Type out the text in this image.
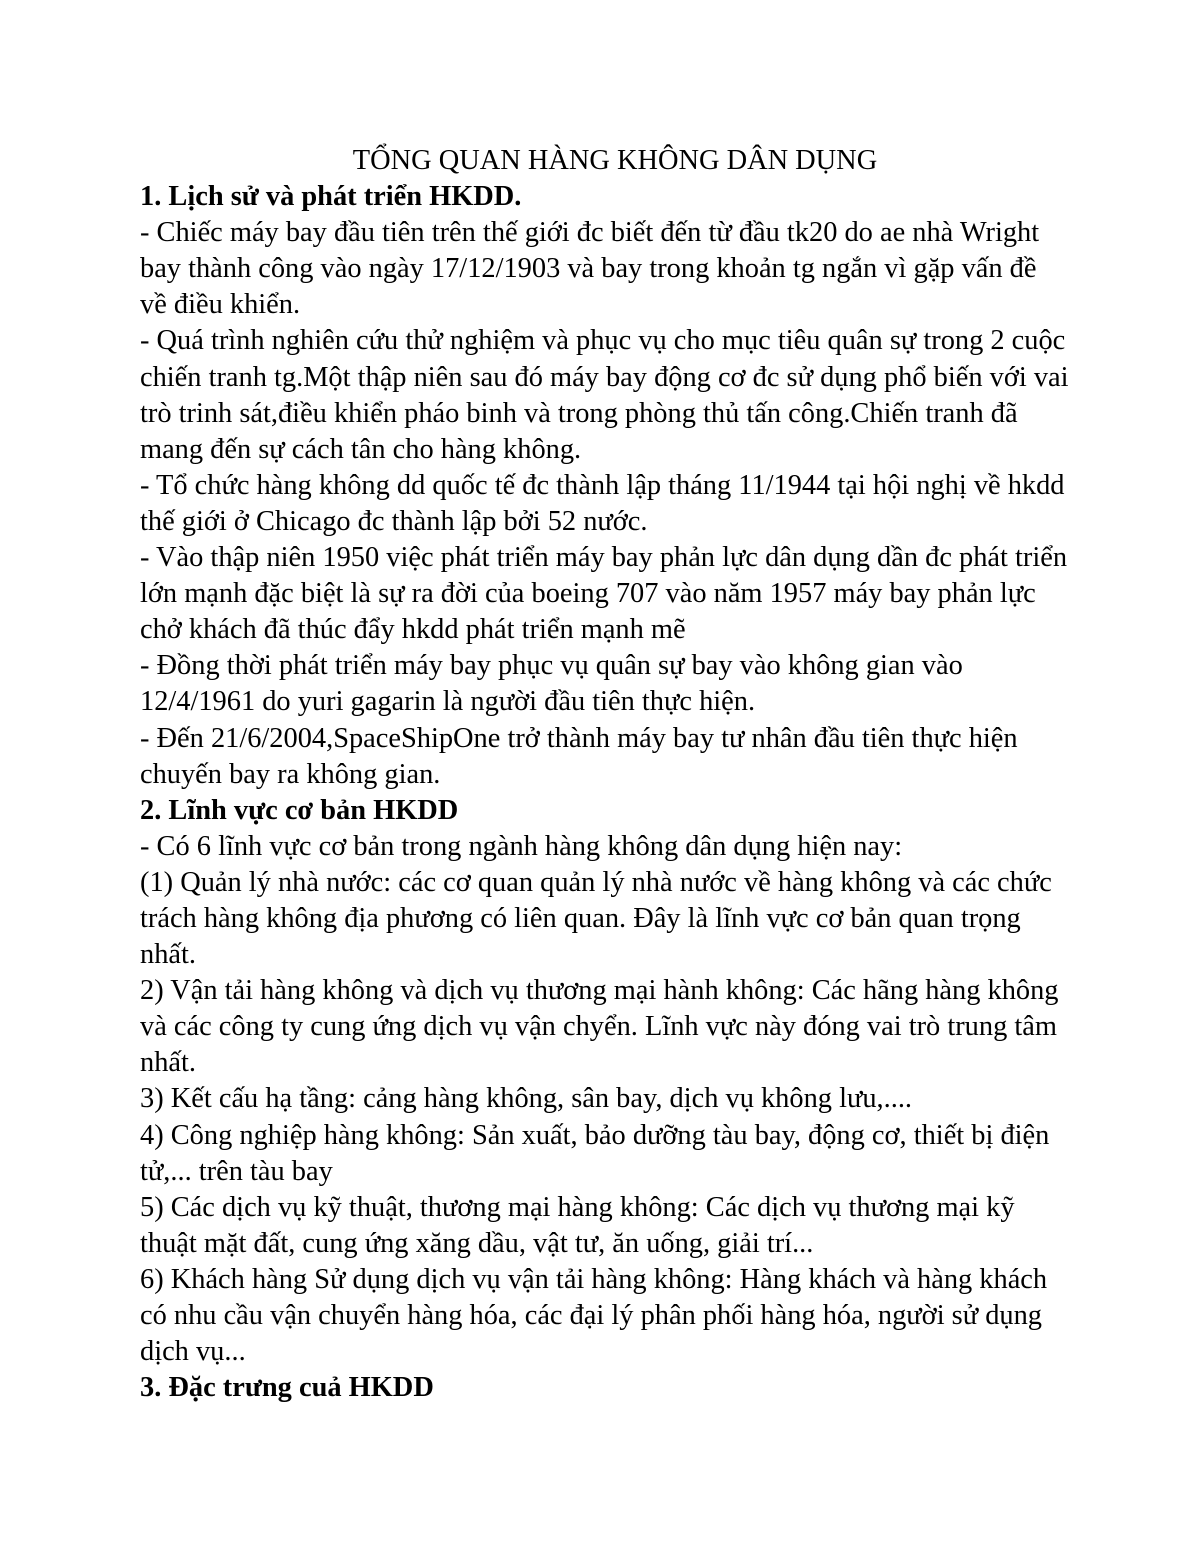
TỔNG QUAN HÀNG KHÔNG DÂN DỤNG

1. Lịch sử và phát triển HKDD.

- Chiếc máy bay đầu tiên trên thế giới đc biết đến từ đầu tk20 do ae nhà Wright bay thành công vào ngày 17/12/1903 và bay trong khoản tg ngắn vì gặp vấn đề về điều khiển.

- Quá trình nghiên cứu thử nghiệm và phục vụ cho mục tiêu quân sự trong 2 cuộc chiến tranh tg.Một thập niên sau đó máy bay động cơ đc sử dụng phổ biến với vai trò trinh sát,điều khiển pháo binh và trong phòng thủ tấn công.Chiến tranh đã mang đến sự cách tân cho hàng không.

- Tổ chức hàng không dd quốc tế đc thành lập tháng 11/1944 tại hội nghị về hkdd thế giới ở Chicago đc thành lập bởi 52 nước.

- Vào thập niên 1950 việc phát triển máy bay phản lực dân dụng dần đc phát triển lớn mạnh đặc biệt là sự ra đời của boeing 707 vào năm 1957 máy bay phản lực chở khách đã thúc đẩy hkdd phát triển mạnh mẽ

- Đồng thời phát triển máy bay phục vụ quân sự bay vào không gian vào 12/4/1961 do yuri gagarin là người đầu tiên thực hiện.

- Đến 21/6/2004,SpaceShipOne trở thành máy bay tư nhân đầu tiên thực hiện chuyến bay ra không gian.

2. Lĩnh vực cơ bản HKDD

- Có 6 lĩnh vực cơ bản trong ngành hàng không dân dụng hiện nay:

(1) Quản lý nhà nước: các cơ quan quản lý nhà nước về hàng không và các chức trách hàng không địa phương có liên quan. Đây là lĩnh vực cơ bản quan trọng nhất.

2) Vận tải hàng không và dịch vụ thương mại hành không: Các hãng hàng không và các công ty cung ứng dịch vụ vận chyển. Lĩnh vực này đóng vai trò trung tâm nhất.

3) Kết cấu hạ tầng: cảng hàng không, sân bay, dịch vụ không lưu,....

4) Công nghiệp hàng không: Sản xuất, bảo dưỡng tàu bay, động cơ, thiết bị điện tử,... trên tàu bay

5) Các dịch vụ kỹ thuật, thương mại hàng không: Các dịch vụ thương mại kỹ thuật mặt đất, cung ứng xăng dầu, vật tư, ăn uống, giải trí...

6) Khách hàng Sử dụng dịch vụ vận tải hàng không: Hàng khách và hàng khách có nhu cầu vận chuyển hàng hóa, các đại lý phân phối hàng hóa, người sử dụng dịch vụ...

3. Đặc trưng cuả HKDD
